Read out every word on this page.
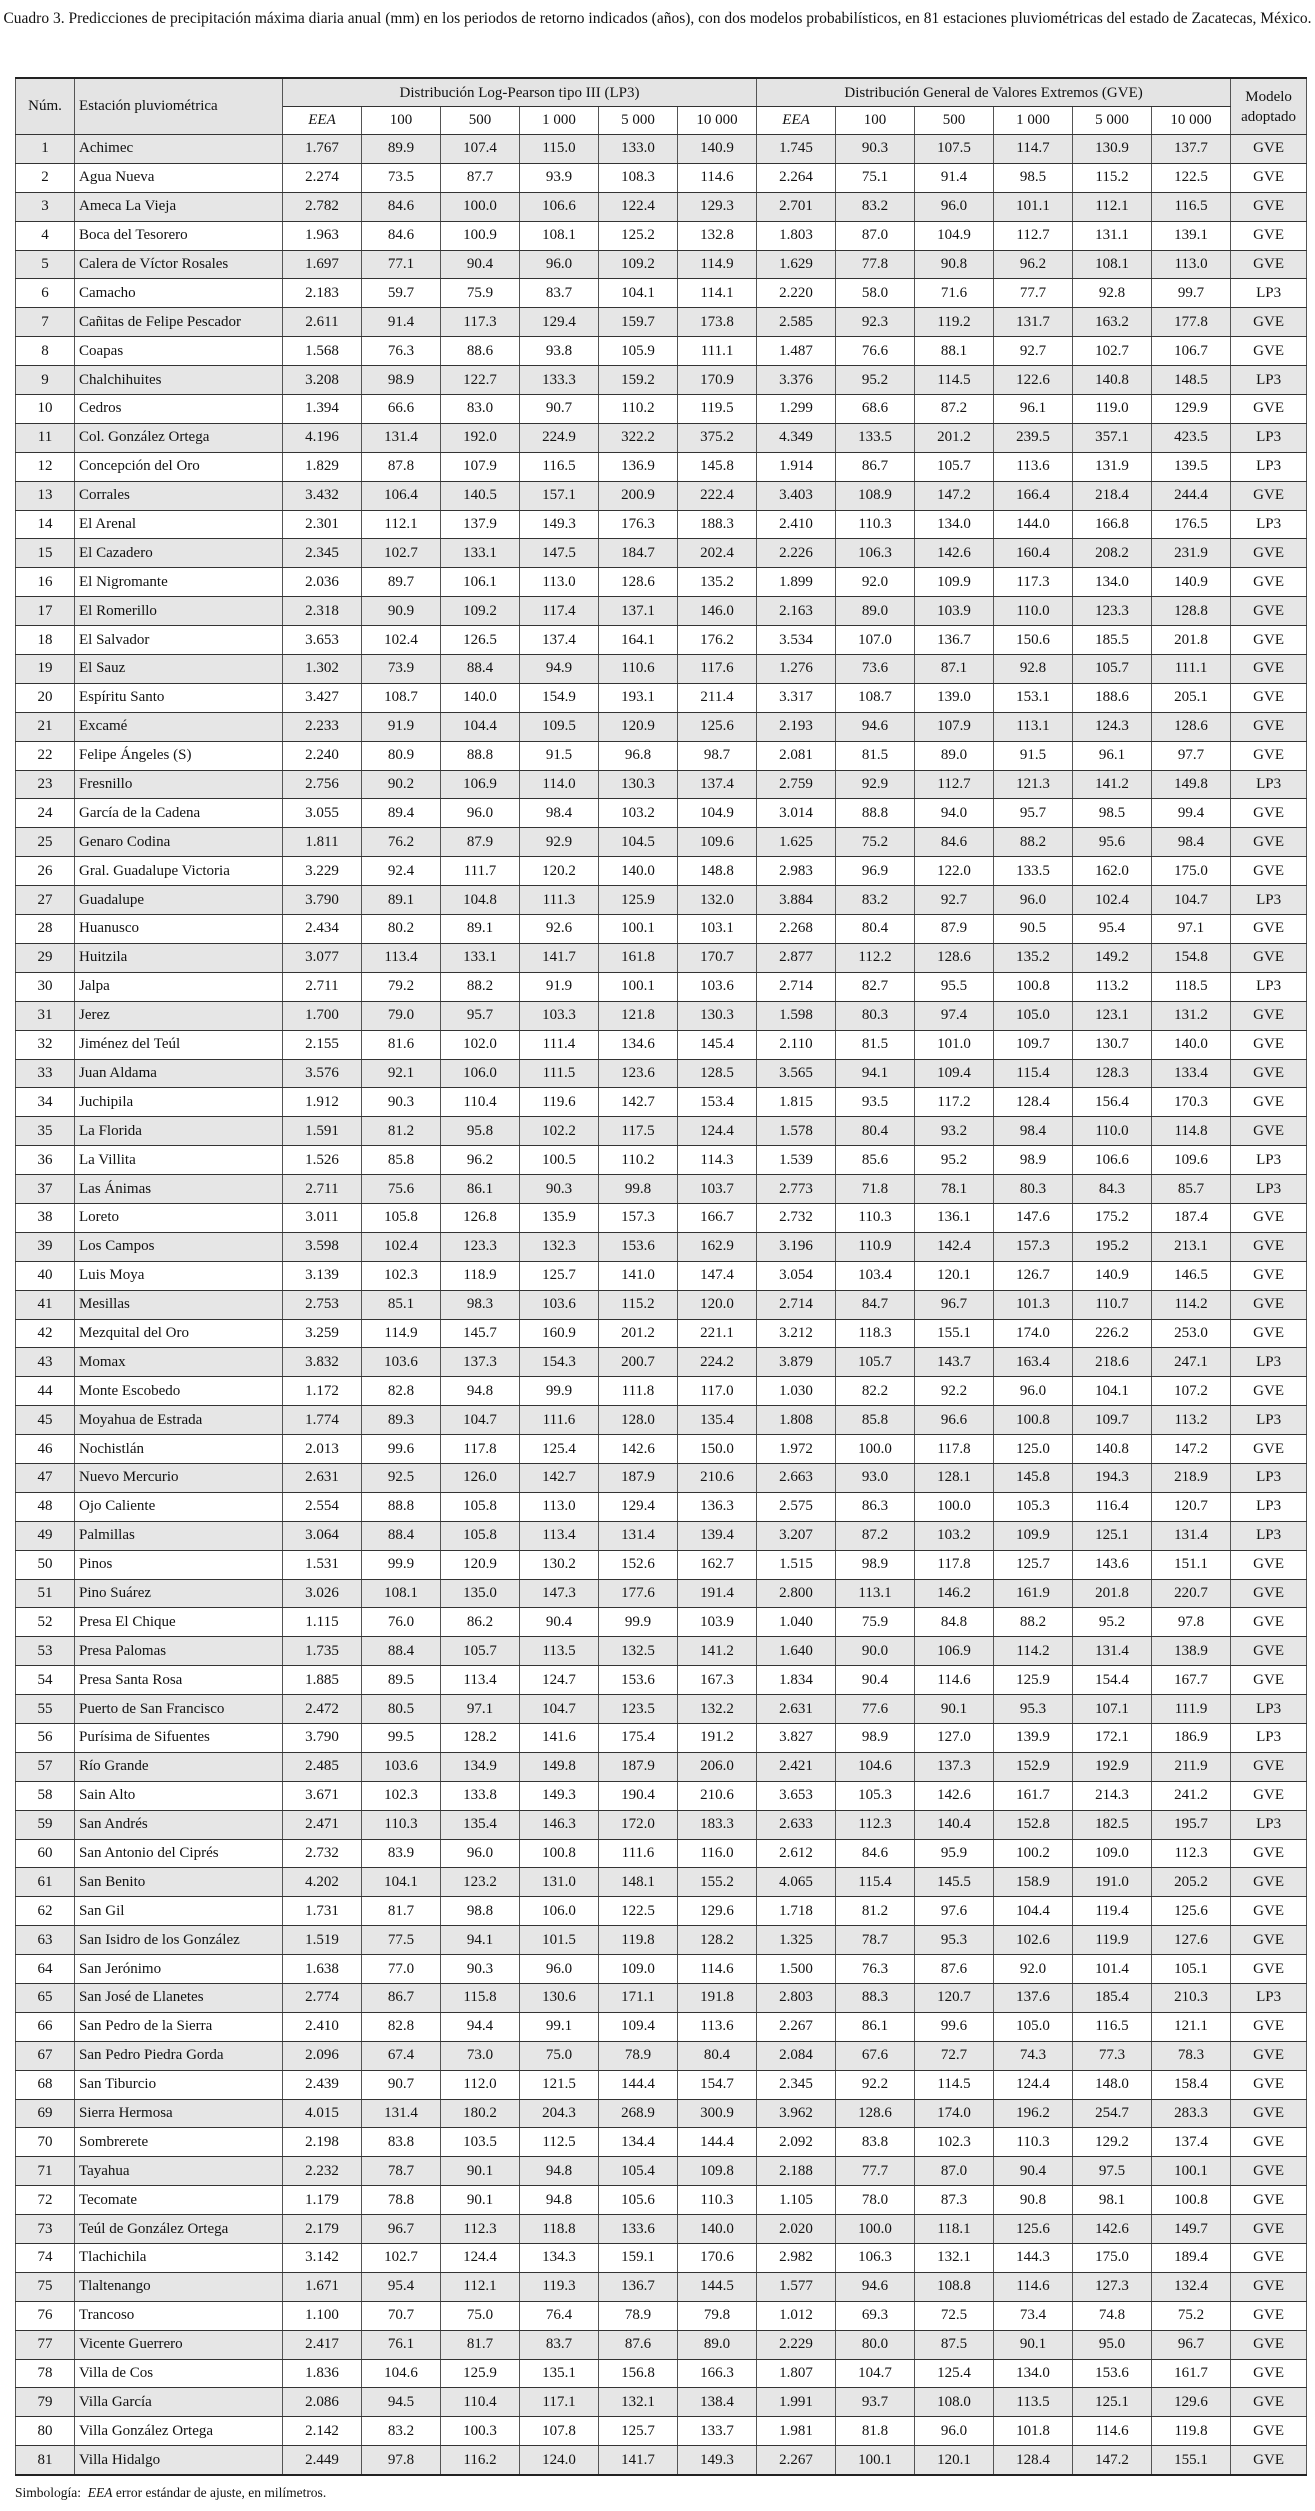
Cuadro 3. Predicciones de precipitación máxima diaria anual (mm) en los periodos de retorno indicados (años), con dos modelos probabilísticos, en 81 estaciones pluviométricas del estado de Zacatecas, México.
Núm.	Estación pluviométrica	Distribución Log-Pearson tipo III (LP3)						Distribución General de Valores Extremos (GVE)						Modelo adoptado
		EEA	100	500	1 000	5 000	10 000	EEA	100	500	1 000	5 000	10 000	
1	Achimec	1.767	89.9	107.4	115.0	133.0	140.9	1.745	90.3	107.5	114.7	130.9	137.7	GVE
2	Agua Nueva	2.274	73.5	87.7	93.9	108.3	114.6	2.264	75.1	91.4	98.5	115.2	122.5	GVE
3	Ameca La Vieja	2.782	84.6	100.0	106.6	122.4	129.3	2.701	83.2	96.0	101.1	112.1	116.5	GVE
4	Boca del Tesorero	1.963	84.6	100.9	108.1	125.2	132.8	1.803	87.0	104.9	112.7	131.1	139.1	GVE
5	Calera de Víctor Rosales	1.697	77.1	90.4	96.0	109.2	114.9	1.629	77.8	90.8	96.2	108.1	113.0	GVE
6	Camacho	2.183	59.7	75.9	83.7	104.1	114.1	2.220	58.0	71.6	77.7	92.8	99.7	LP3
7	Cañitas de Felipe Pescador	2.611	91.4	117.3	129.4	159.7	173.8	2.585	92.3	119.2	131.7	163.2	177.8	GVE
8	Coapas	1.568	76.3	88.6	93.8	105.9	111.1	1.487	76.6	88.1	92.7	102.7	106.7	GVE
9	Chalchihuites	3.208	98.9	122.7	133.3	159.2	170.9	3.376	95.2	114.5	122.6	140.8	148.5	LP3
10	Cedros	1.394	66.6	83.0	90.7	110.2	119.5	1.299	68.6	87.2	96.1	119.0	129.9	GVE
11	Col. González Ortega	4.196	131.4	192.0	224.9	322.2	375.2	4.349	133.5	201.2	239.5	357.1	423.5	LP3
12	Concepción del Oro	1.829	87.8	107.9	116.5	136.9	145.8	1.914	86.7	105.7	113.6	131.9	139.5	LP3
13	Corrales	3.432	106.4	140.5	157.1	200.9	222.4	3.403	108.9	147.2	166.4	218.4	244.4	GVE
14	El Arenal	2.301	112.1	137.9	149.3	176.3	188.3	2.410	110.3	134.0	144.0	166.8	176.5	LP3
15	El Cazadero	2.345	102.7	133.1	147.5	184.7	202.4	2.226	106.3	142.6	160.4	208.2	231.9	GVE
16	El Nigromante	2.036	89.7	106.1	113.0	128.6	135.2	1.899	92.0	109.9	117.3	134.0	140.9	GVE
17	El Romerillo	2.318	90.9	109.2	117.4	137.1	146.0	2.163	89.0	103.9	110.0	123.3	128.8	GVE
18	El Salvador	3.653	102.4	126.5	137.4	164.1	176.2	3.534	107.0	136.7	150.6	185.5	201.8	GVE
19	El Sauz	1.302	73.9	88.4	94.9	110.6	117.6	1.276	73.6	87.1	92.8	105.7	111.1	GVE
20	Espíritu Santo	3.427	108.7	140.0	154.9	193.1	211.4	3.317	108.7	139.0	153.1	188.6	205.1	GVE
21	Excamé	2.233	91.9	104.4	109.5	120.9	125.6	2.193	94.6	107.9	113.1	124.3	128.6	GVE
22	Felipe Ángeles (S)	2.240	80.9	88.8	91.5	96.8	98.7	2.081	81.5	89.0	91.5	96.1	97.7	GVE
23	Fresnillo	2.756	90.2	106.9	114.0	130.3	137.4	2.759	92.9	112.7	121.3	141.2	149.8	LP3
24	García de la Cadena	3.055	89.4	96.0	98.4	103.2	104.9	3.014	88.8	94.0	95.7	98.5	99.4	GVE
25	Genaro Codina	1.811	76.2	87.9	92.9	104.5	109.6	1.625	75.2	84.6	88.2	95.6	98.4	GVE
26	Gral. Guadalupe Victoria	3.229	92.4	111.7	120.2	140.0	148.8	2.983	96.9	122.0	133.5	162.0	175.0	GVE
27	Guadalupe	3.790	89.1	104.8	111.3	125.9	132.0	3.884	83.2	92.7	96.0	102.4	104.7	LP3
28	Huanusco	2.434	80.2	89.1	92.6	100.1	103.1	2.268	80.4	87.9	90.5	95.4	97.1	GVE
29	Huitzila	3.077	113.4	133.1	141.7	161.8	170.7	2.877	112.2	128.6	135.2	149.2	154.8	GVE
30	Jalpa	2.711	79.2	88.2	91.9	100.1	103.6	2.714	82.7	95.5	100.8	113.2	118.5	LP3
31	Jerez	1.700	79.0	95.7	103.3	121.8	130.3	1.598	80.3	97.4	105.0	123.1	131.2	GVE
32	Jiménez del Teúl	2.155	81.6	102.0	111.4	134.6	145.4	2.110	81.5	101.0	109.7	130.7	140.0	GVE
33	Juan Aldama	3.576	92.1	106.0	111.5	123.6	128.5	3.565	94.1	109.4	115.4	128.3	133.4	GVE
34	Juchipila	1.912	90.3	110.4	119.6	142.7	153.4	1.815	93.5	117.2	128.4	156.4	170.3	GVE
35	La Florida	1.591	81.2	95.8	102.2	117.5	124.4	1.578	80.4	93.2	98.4	110.0	114.8	GVE
36	La Villita	1.526	85.8	96.2	100.5	110.2	114.3	1.539	85.6	95.2	98.9	106.6	109.6	LP3
37	Las Ánimas	2.711	75.6	86.1	90.3	99.8	103.7	2.773	71.8	78.1	80.3	84.3	85.7	LP3
38	Loreto	3.011	105.8	126.8	135.9	157.3	166.7	2.732	110.3	136.1	147.6	175.2	187.4	GVE
39	Los Campos	3.598	102.4	123.3	132.3	153.6	162.9	3.196	110.9	142.4	157.3	195.2	213.1	GVE
40	Luis Moya	3.139	102.3	118.9	125.7	141.0	147.4	3.054	103.4	120.1	126.7	140.9	146.5	GVE
41	Mesillas	2.753	85.1	98.3	103.6	115.2	120.0	2.714	84.7	96.7	101.3	110.7	114.2	GVE
42	Mezquital del Oro	3.259	114.9	145.7	160.9	201.2	221.1	3.212	118.3	155.1	174.0	226.2	253.0	GVE
43	Momax	3.832	103.6	137.3	154.3	200.7	224.2	3.879	105.7	143.7	163.4	218.6	247.1	LP3
44	Monte Escobedo	1.172	82.8	94.8	99.9	111.8	117.0	1.030	82.2	92.2	96.0	104.1	107.2	GVE
45	Moyahua de Estrada	1.774	89.3	104.7	111.6	128.0	135.4	1.808	85.8	96.6	100.8	109.7	113.2	LP3
46	Nochistlán	2.013	99.6	117.8	125.4	142.6	150.0	1.972	100.0	117.8	125.0	140.8	147.2	GVE
47	Nuevo Mercurio	2.631	92.5	126.0	142.7	187.9	210.6	2.663	93.0	128.1	145.8	194.3	218.9	LP3
48	Ojo Caliente	2.554	88.8	105.8	113.0	129.4	136.3	2.575	86.3	100.0	105.3	116.4	120.7	LP3
49	Palmillas	3.064	88.4	105.8	113.4	131.4	139.4	3.207	87.2	103.2	109.9	125.1	131.4	LP3
50	Pinos	1.531	99.9	120.9	130.2	152.6	162.7	1.515	98.9	117.8	125.7	143.6	151.1	GVE
51	Pino Suárez	3.026	108.1	135.0	147.3	177.6	191.4	2.800	113.1	146.2	161.9	201.8	220.7	GVE
52	Presa El Chique	1.115	76.0	86.2	90.4	99.9	103.9	1.040	75.9	84.8	88.2	95.2	97.8	GVE
53	Presa Palomas	1.735	88.4	105.7	113.5	132.5	141.2	1.640	90.0	106.9	114.2	131.4	138.9	GVE
54	Presa Santa Rosa	1.885	89.5	113.4	124.7	153.6	167.3	1.834	90.4	114.6	125.9	154.4	167.7	GVE
55	Puerto de San Francisco	2.472	80.5	97.1	104.7	123.5	132.2	2.631	77.6	90.1	95.3	107.1	111.9	LP3
56	Purísima de Sifuentes	3.790	99.5	128.2	141.6	175.4	191.2	3.827	98.9	127.0	139.9	172.1	186.9	LP3
57	Río Grande	2.485	103.6	134.9	149.8	187.9	206.0	2.421	104.6	137.3	152.9	192.9	211.9	GVE
58	Sain Alto	3.671	102.3	133.8	149.3	190.4	210.6	3.653	105.3	142.6	161.7	214.3	241.2	GVE
59	San Andrés	2.471	110.3	135.4	146.3	172.0	183.3	2.633	112.3	140.4	152.8	182.5	195.7	LP3
60	San Antonio del Ciprés	2.732	83.9	96.0	100.8	111.6	116.0	2.612	84.6	95.9	100.2	109.0	112.3	GVE
61	San Benito	4.202	104.1	123.2	131.0	148.1	155.2	4.065	115.4	145.5	158.9	191.0	205.2	GVE
62	San Gil	1.731	81.7	98.8	106.0	122.5	129.6	1.718	81.2	97.6	104.4	119.4	125.6	GVE
63	San Isidro de los González	1.519	77.5	94.1	101.5	119.8	128.2	1.325	78.7	95.3	102.6	119.9	127.6	GVE
64	San Jerónimo	1.638	77.0	90.3	96.0	109.0	114.6	1.500	76.3	87.6	92.0	101.4	105.1	GVE
65	San José de Llanetes	2.774	86.7	115.8	130.6	171.1	191.8	2.803	88.3	120.7	137.6	185.4	210.3	LP3
66	San Pedro de la Sierra	2.410	82.8	94.4	99.1	109.4	113.6	2.267	86.1	99.6	105.0	116.5	121.1	GVE
67	San Pedro Piedra Gorda	2.096	67.4	73.0	75.0	78.9	80.4	2.084	67.6	72.7	74.3	77.3	78.3	GVE
68	San Tiburcio	2.439	90.7	112.0	121.5	144.4	154.7	2.345	92.2	114.5	124.4	148.0	158.4	GVE
69	Sierra Hermosa	4.015	131.4	180.2	204.3	268.9	300.9	3.962	128.6	174.0	196.2	254.7	283.3	GVE
70	Sombrerete	2.198	83.8	103.5	112.5	134.4	144.4	2.092	83.8	102.3	110.3	129.2	137.4	GVE
71	Tayahua	2.232	78.7	90.1	94.8	105.4	109.8	2.188	77.7	87.0	90.4	97.5	100.1	GVE
72	Tecomate	1.179	78.8	90.1	94.8	105.6	110.3	1.105	78.0	87.3	90.8	98.1	100.8	GVE
73	Teúl de González Ortega	2.179	96.7	112.3	118.8	133.6	140.0	2.020	100.0	118.1	125.6	142.6	149.7	GVE
74	Tlachichila	3.142	102.7	124.4	134.3	159.1	170.6	2.982	106.3	132.1	144.3	175.0	189.4	GVE
75	Tlaltenango	1.671	95.4	112.1	119.3	136.7	144.5	1.577	94.6	108.8	114.6	127.3	132.4	GVE
76	Trancoso	1.100	70.7	75.0	76.4	78.9	79.8	1.012	69.3	72.5	73.4	74.8	75.2	GVE
77	Vicente Guerrero	2.417	76.1	81.7	83.7	87.6	89.0	2.229	80.0	87.5	90.1	95.0	96.7	GVE
78	Villa de Cos	1.836	104.6	125.9	135.1	156.8	166.3	1.807	104.7	125.4	134.0	153.6	161.7	GVE
79	Villa García	2.086	94.5	110.4	117.1	132.1	138.4	1.991	93.7	108.0	113.5	125.1	129.6	GVE
80	Villa González Ortega	2.142	83.2	100.3	107.8	125.7	133.7	1.981	81.8	96.0	101.8	114.6	119.8	GVE
81	Villa Hidalgo	2.449	97.8	116.2	124.0	141.7	149.3	2.267	100.1	120.1	128.4	147.2	155.1	GVE
Simbología: EEA error estándar de ajuste, en milímetros.
